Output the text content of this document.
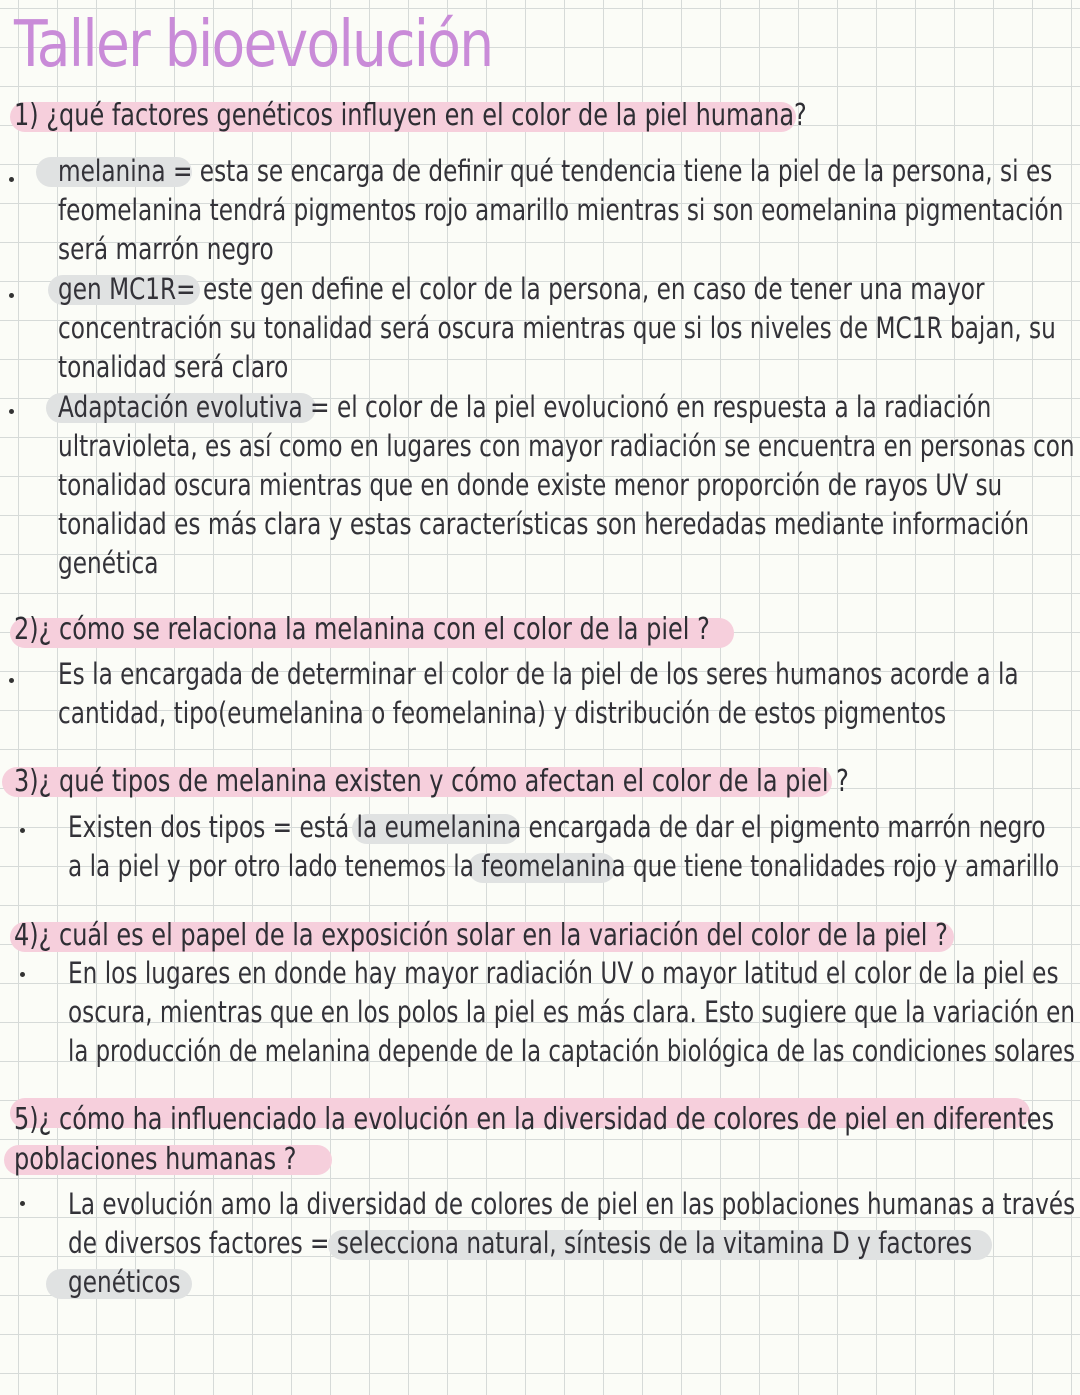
Taller bioevolución
1) ¿qué factores genéticos influyen en el color de la piel humana?
melanina = esta se encarga de definir qué tendencia tiene la piel de la persona, si es
feomelanina tendrá pigmentos rojo amarillo mientras si son eomelanina pigmentación
será marrón negro
gen MC1R= este gen define el color de la persona, en caso de tener una mayor
concentración su tonalidad será oscura mientras que si los niveles de MC1R bajan, su
tonalidad será claro
Adaptación evolutiva = el color de la piel evolucionó en respuesta a la radiación
ultravioleta, es así como en lugares con mayor radiación se encuentra en personas con
tonalidad oscura mientras que en donde existe menor proporción de rayos UV su
tonalidad es más clara y estas características son heredadas mediante información
genética
2)¿ cómo se relaciona la melanina con el color de la piel ?
Es la encargada de determinar el color de la piel de los seres humanos acorde a la
cantidad, tipo(eumelanina o feomelanina) y distribución de estos pigmentos
3)¿ qué tipos de melanina existen y cómo afectan el color de la piel ?
Existen dos tipos = está la eumelanina encargada de dar el pigmento marrón negro
a la piel y por otro lado tenemos la feomelanina que tiene tonalidades rojo y amarillo
4)¿ cuál es el papel de la exposición solar en la variación del color de la piel ?
En los lugares en donde hay mayor radiación UV o mayor latitud el color de la piel es
oscura, mientras que en los polos la piel es más clara. Esto sugiere que la variación en
la producción de melanina depende de la captación biológica de las condiciones solares
5)¿ cómo ha influenciado la evolución en la diversidad de colores de piel en diferentes
poblaciones humanas ?
La evolución amo la diversidad de colores de piel en las poblaciones humanas a través
de diversos factores = selecciona natural, síntesis de la vitamina D y factores
genéticos
